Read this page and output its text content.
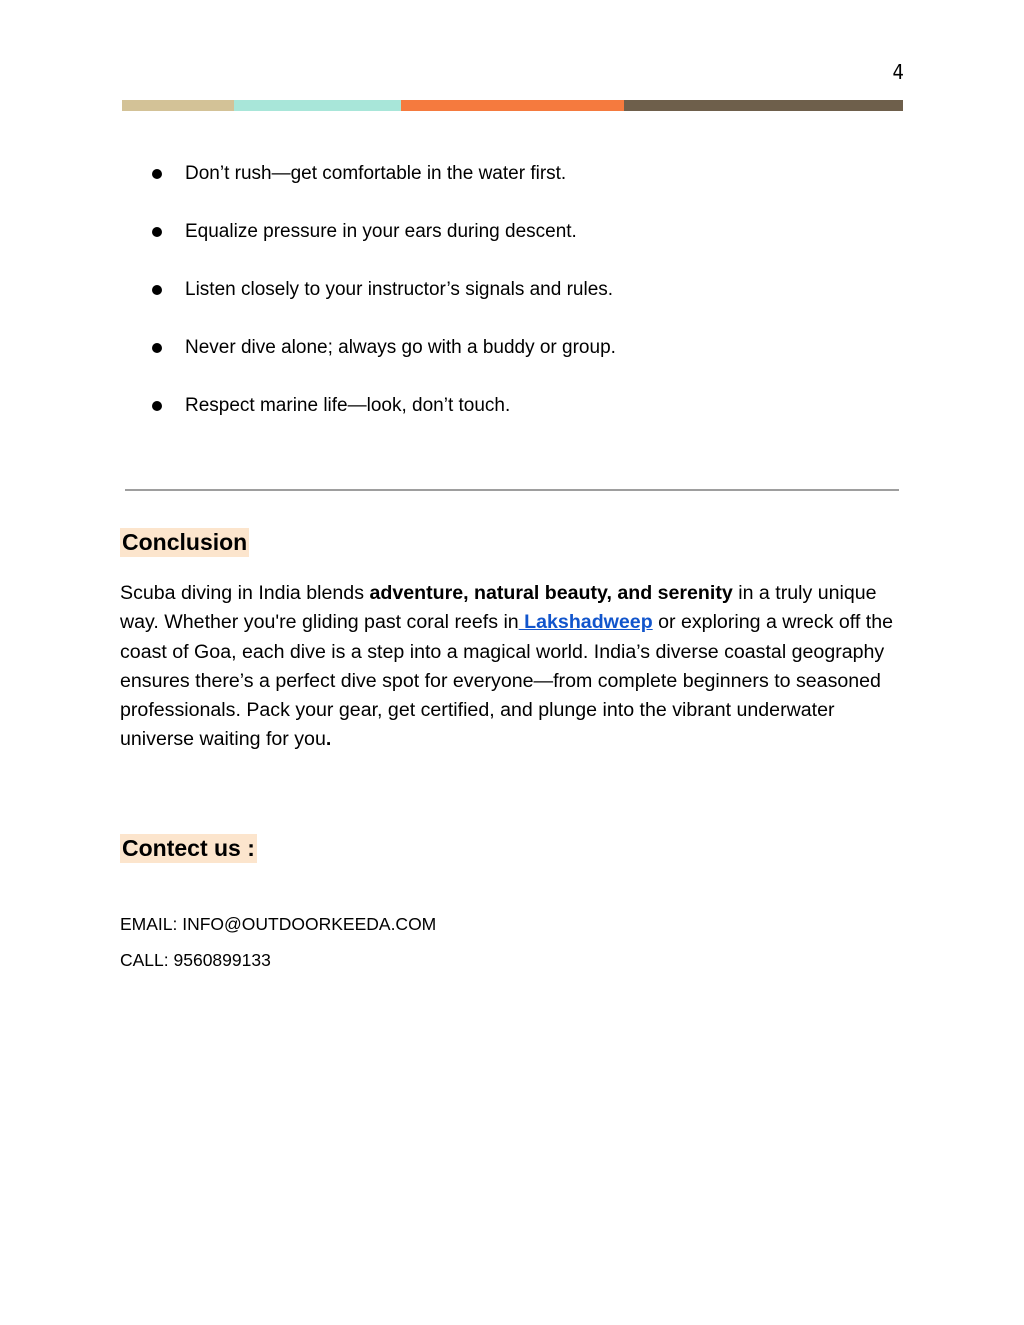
4
Don’t rush—get comfortable in the water first.
Equalize pressure in your ears during descent.
Listen closely to your instructor’s signals and rules.
Never dive alone; always go with a buddy or group.
Respect marine life—look, don’t touch.
Conclusion

Scuba diving in India blends adventure, natural beauty, and serenity in a truly unique way. Whether you're gliding past coral reefs in Lakshadweep or exploring a wreck off the coast of Goa, each dive is a step into a magical world. India’s diverse coastal geography ensures there’s a perfect dive spot for everyone—from complete beginners to seasoned professionals. Pack your gear, get certified, and plunge into the vibrant underwater universe waiting for you.

Contect us :
EMAIL: INFO@OUTDOORKEEDA.COM
CALL: 9560899133
